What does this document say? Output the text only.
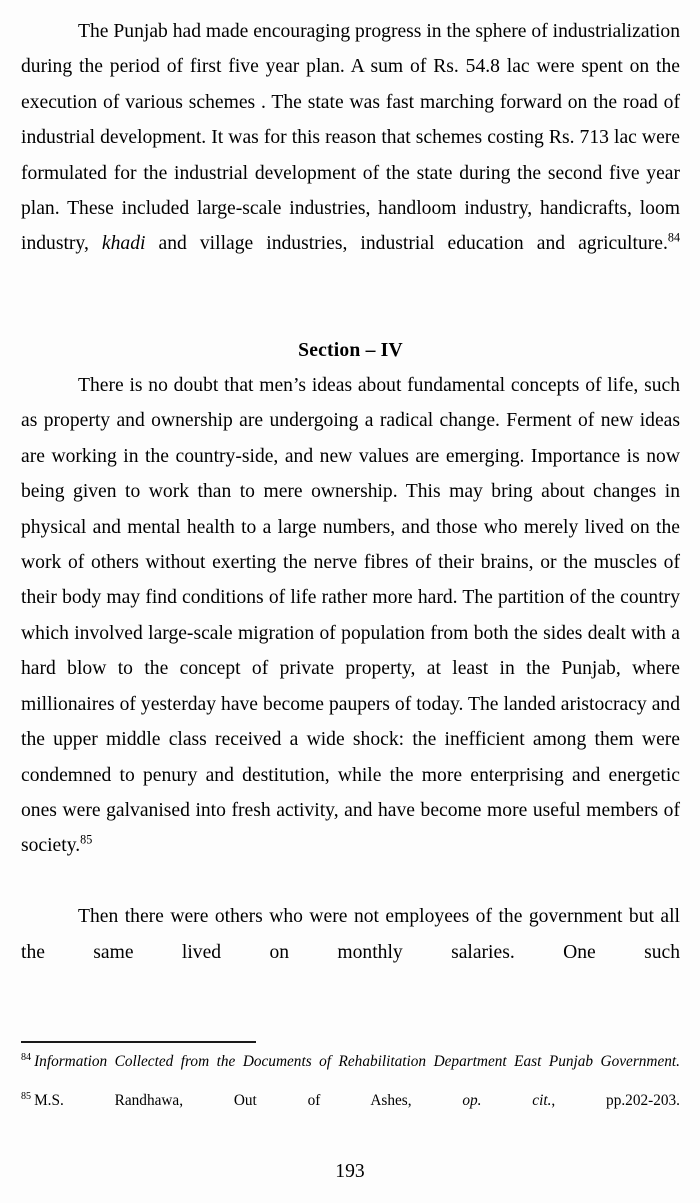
The Punjab had made encouraging progress in the sphere of industrialization during the period of first five year plan. A sum of Rs. 54.8 lac were spent on the execution of various schemes . The state was fast marching forward on the road of industrial development. It was for this reason that schemes costing Rs. 713 lac were formulated for the industrial development of the state during the second five year plan. These included large-scale industries, handloom industry, handicrafts, loom industry, khadi and village industries, industrial education and agriculture.$^{84}$

Section – IV

There is no doubt that men’s ideas about fundamental concepts of life, such as property and ownership are undergoing a radical change. Ferment of new ideas are working in the country-side, and new values are emerging. Importance is now being given to work than to mere ownership. This may bring about changes in physical and mental health to a large numbers, and those who merely lived on the work of others without exerting the nerve fibres of their brains, or the muscles of their body may find conditions of life rather more hard. The partition of the country which involved large-scale migration of population from both the sides dealt with a hard blow to the concept of private property, at least in the Punjab, where millionaires of yesterday have become paupers of today. The landed aristocracy and the upper middle class received a wide shock: the inefficient among them were condemned to penury and destitution, while the more enterprising and energetic ones were galvanised into fresh activity, and have become more useful members of society.$^{85}$

Then there were others who were not employees of the government but all the same lived on monthly salaries. One such

$^{84}$ Information Collected from the Documents of Rehabilitation Department East Punjab Government.

$^{85}$ M.S. Randhawa, Out of Ashes, op. cit., pp.202-203.

193
